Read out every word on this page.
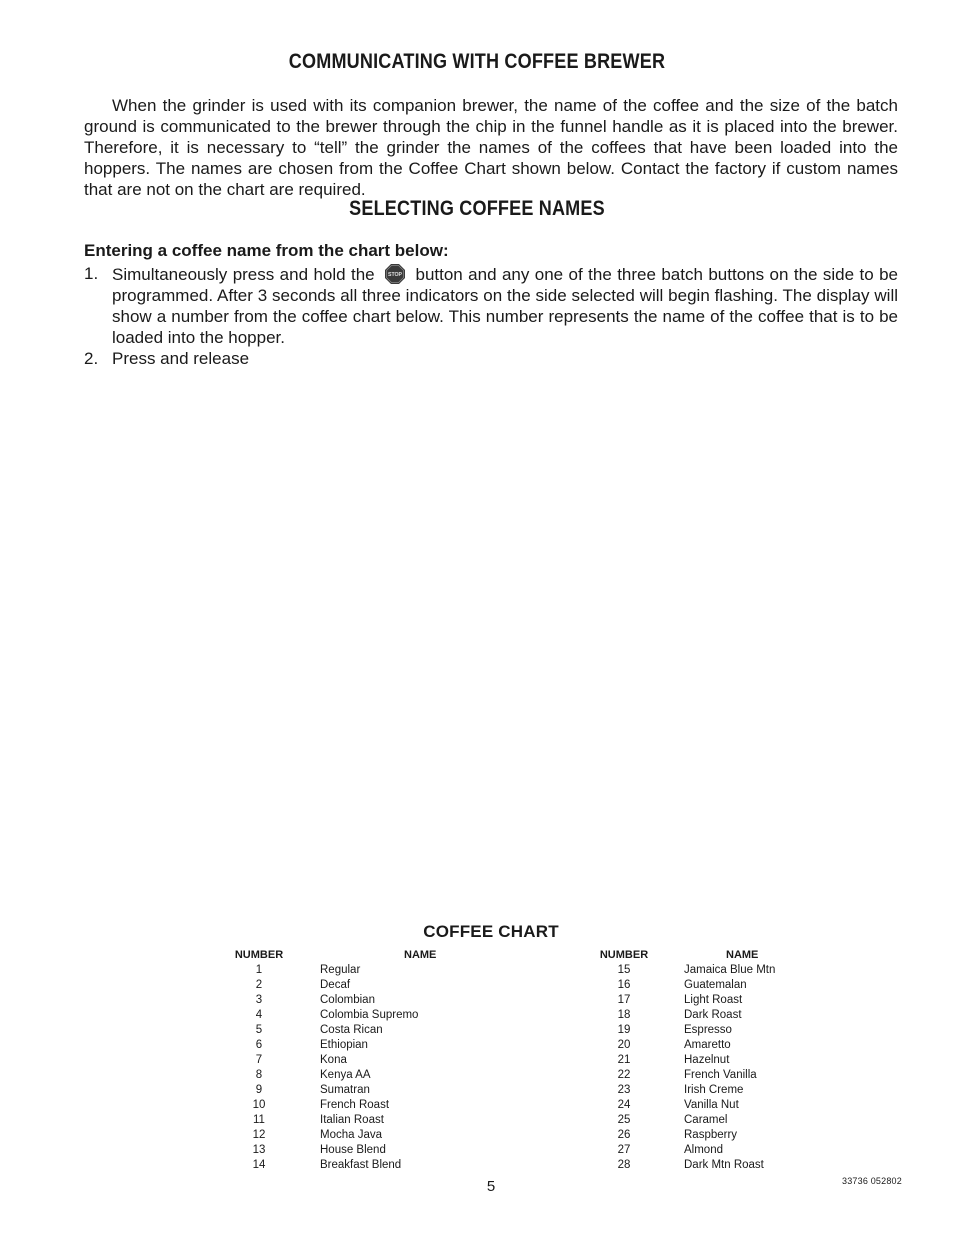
COMMUNICATING WITH COFFEE BREWER

When the grinder is used with its companion brewer, the name of the coffee and the size of the batch ground is communicated to the brewer through the chip in the funnel handle as it is placed into the brewer. Therefore, it is necessary to “tell” the grinder the names of the coffees that have been loaded into the hoppers. The names are chosen from the Coffee Chart shown below. Contact the factory if custom names that are not on the chart are required.

SELECTING COFFEE NAMES

Entering a coffee name from the chart below:

1. Simultaneously press and hold the	STOP button and any one of the three batch buttons on the side to be programmed. After 3 seconds all three indicators on the side selected will begin flashing. The display will show a number from the coffee chart below. This number represents the name of the coffee that is to be loaded into the hopper.
2. Press and release
COFFEE CHART
NUMBER	NAME	NUMBER	NAME
1	Regular	15	Jamaica Blue Mtn
2	Decaf	16	Guatemalan
3	Colombian	17	Light Roast
4	Colombia Supremo	18	Dark Roast
5	Costa Rican	19	Espresso
6	Ethiopian	20	Amaretto
7	Kona	21	Hazelnut
8	Kenya AA	22	French Vanilla
9	Sumatran	23	Irish Creme
10	French Roast	24	Vanilla Nut
11	Italian Roast	25	Caramel
12	Mocha Java	26	Raspberry
13	House Blend	27	Almond
14	Breakfast Blend	28	Dark Mtn Roast
5	33736 052802
